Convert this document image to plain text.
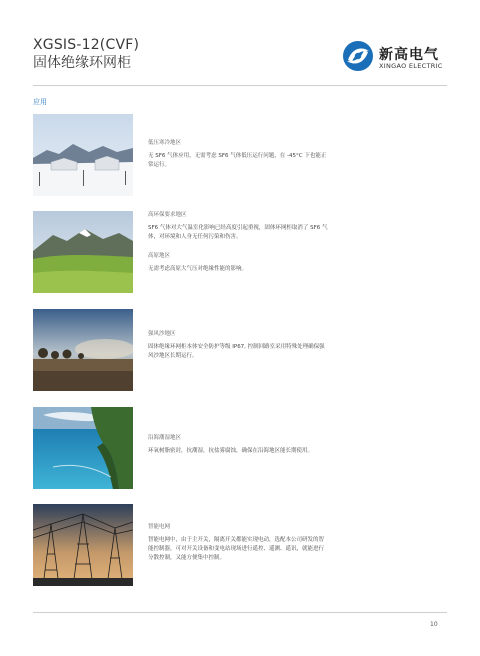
XGSIS-12(CVF)
固体绝缘环网柜	新高电气
XINGAO ELECTRIC
应用

低压寒冷地区

无 SF6 气体应用，无需考虑 SF6 气体低压运行问题，在 -45°C 下也能正常运行。

高环保要求地区

SF6 气体对大气温室化影响已经高度引起重视，固体环网柜取消了 SF6 气体，对环境和人身无任何污染和伤害。

高原地区

无需考虑高原大气压对绝缘性能的影响。

强风沙地区

固体绝缘环网柜本体安全防护等级 IP67, 控制回路室采用特殊处理确保强风沙地区长期运行。

沿海潮湿地区

环氧树脂密封，抗潮湿，抗盐雾腐蚀，确保在沿海地区能长期使用。

智能电网

智能电网中，由于主开关，隔离开关都能实现电动，选配本公司研发的智能控制器，可对开关设备和变电站现场进行遥控、遥测、遥讯，就能进行分散控制，又能方便集中控制。

10
